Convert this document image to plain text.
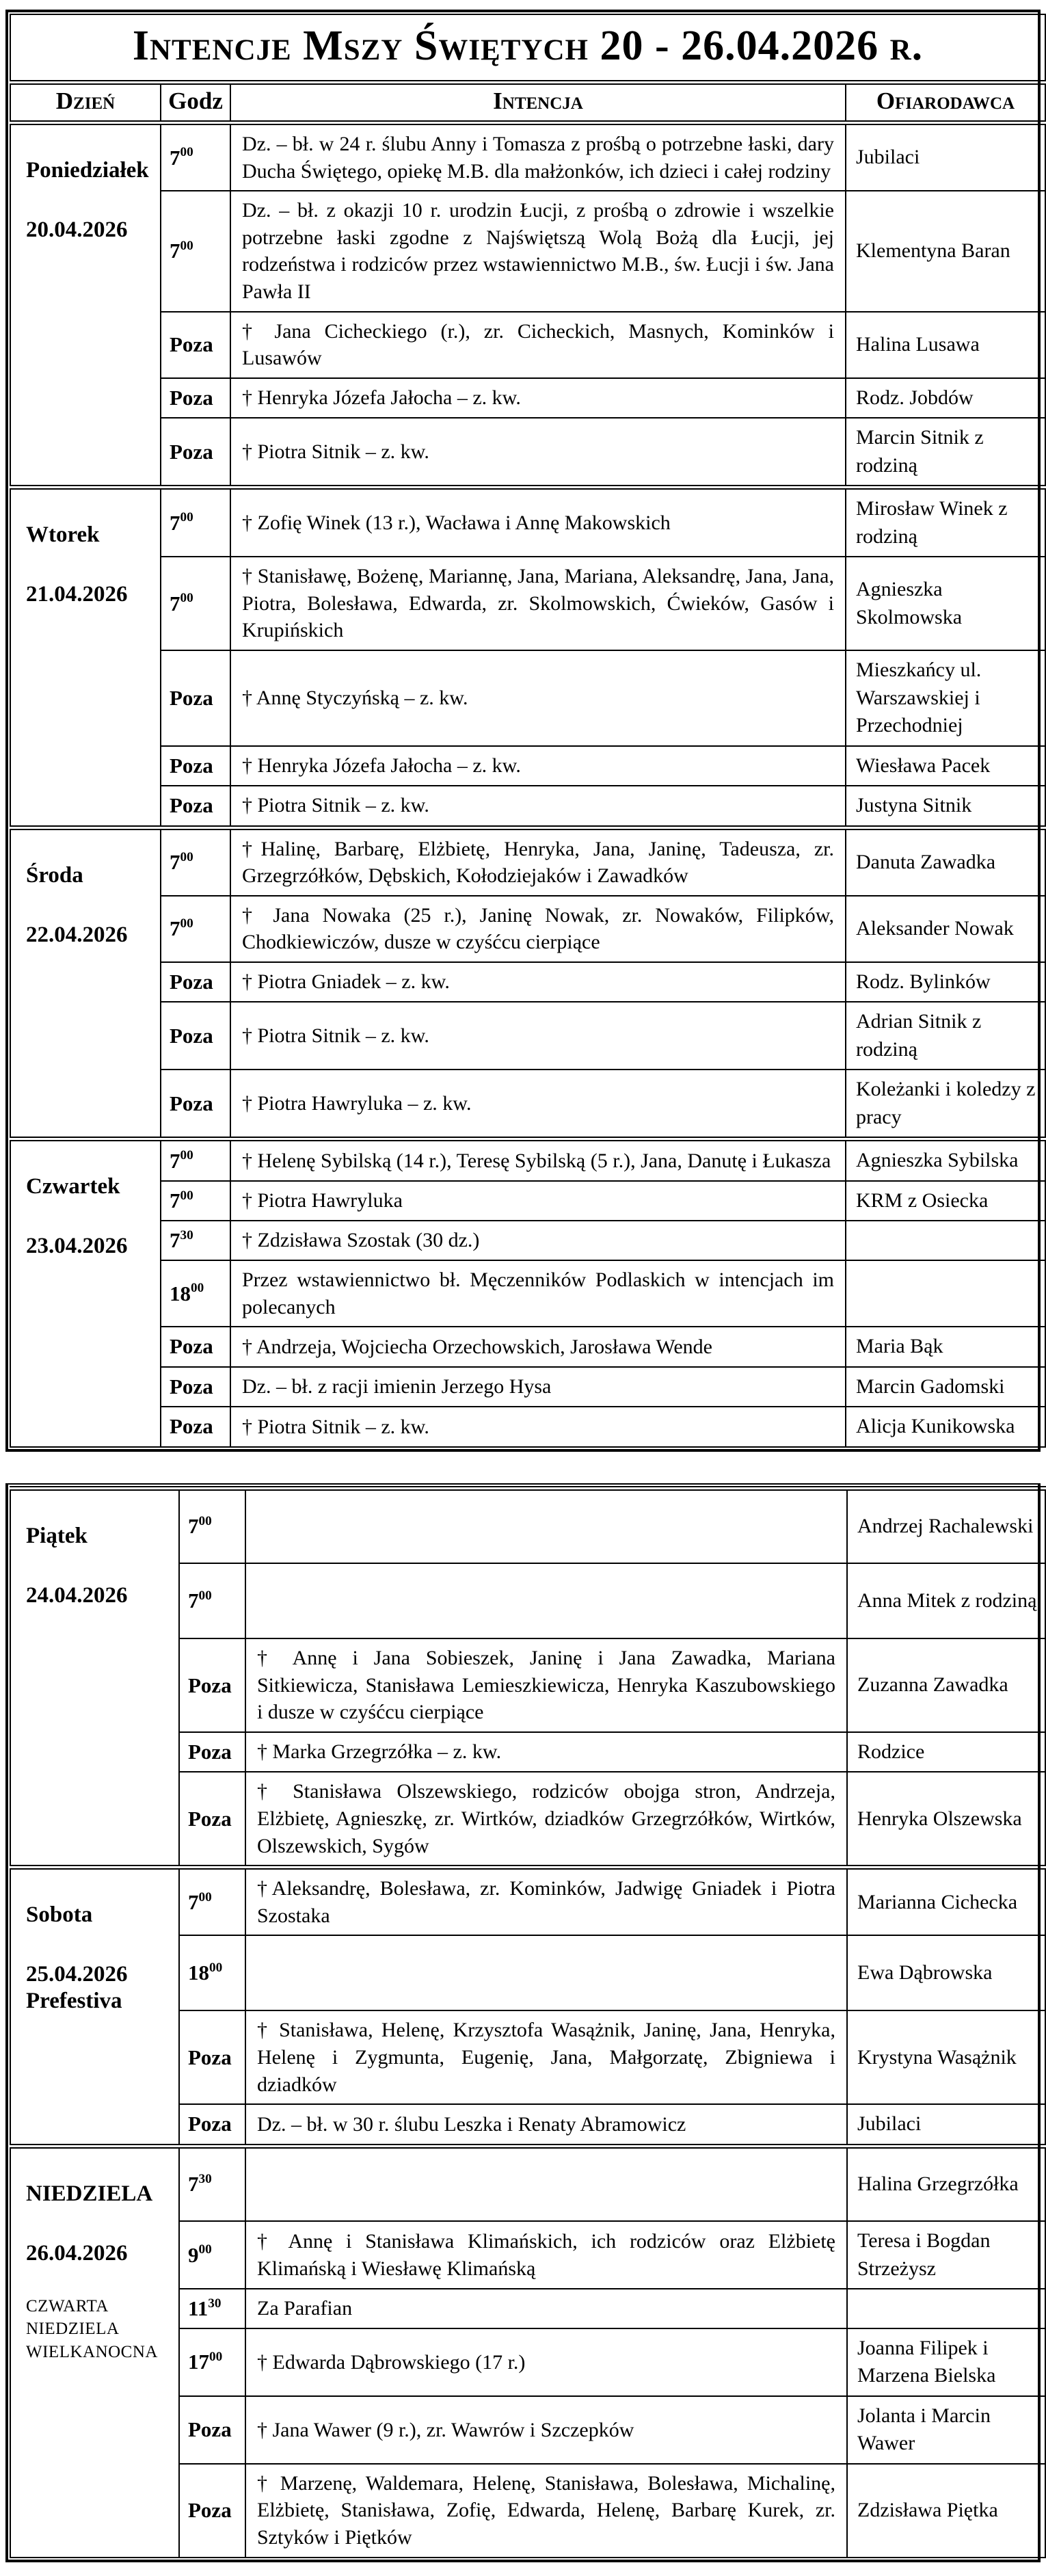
Intencje Mszy Świętych 20 - 26.04.2026 r.			
Dzień	Godz	Intencja	Ofiarodawca

Poniedziałek
20.04.2026	$7^{00}$	Dz. – bł. w 24 r. ślubu Anny i Tomasza z prośbą o potrzebne łaski, dary Ducha Świętego, opiekę M.B. dla małżonków, ich dzieci i całej rodziny	Jubilaci
	$7^{00}$	Dz. – bł. z okazji 10 r. urodzin Łucji, z prośbą o zdrowie i wszelkie potrzebne łaski zgodne z Najświętszą Wolą Bożą dla Łucji, jej rodzeństwa i rodziców przez wstawiennictwo M.B., św. Łucji i św. Jana Pawła II	Klementyna Baran
	Poza	† Jana Cicheckiego (r.), zr. Cicheckich, Masnych, Kominków i Lusawów	Halina Lusawa
	Poza	† Henryka Józefa Jałocha – z. kw.	Rodz. Jobdów
	Poza	† Piotra Sitnik – z. kw.	Marcin Sitnik z rodziną

Wtorek
21.04.2026	$7^{00}$	† Zofię Winek (13 r.), Wacława i Annę Makowskich	Mirosław Winek z rodziną
	$7^{00}$	† Stanisławę, Bożenę, Mariannę, Jana, Mariana, Aleksandrę, Jana, Jana, Piotra, Bolesława, Edwarda, zr. Skolmowskich, Ćwieków, Gasów i Krupińskich	Agnieszka Skolmowska
	Poza	† Annę Styczyńską – z. kw.	Mieszkańcy ul. Warszawskiej i Przechodniej
	Poza	† Henryka Józefa Jałocha – z. kw.	Wiesława Pacek
	Poza	† Piotra Sitnik – z. kw.	Justyna Sitnik

Środa
22.04.2026	$7^{00}$	†Halinę, Barbarę, Elżbietę, Henryka, Jana, Janinę, Tadeusza, zr. Grzegrzółków, Dębskich, Kołodziejaków i Zawadków	Danuta Zawadka
	$7^{00}$	† Jana Nowaka (25 r.), Janinę Nowak, zr. Nowaków, Filipków, Chodkiewiczów, dusze w czyśćcu cierpiące	Aleksander Nowak
	Poza	† Piotra Gniadek – z. kw.	Rodz. Bylinków
	Poza	† Piotra Sitnik – z. kw.	Adrian Sitnik z rodziną
	Poza	† Piotra Hawryluka – z. kw.	Koleżanki i koledzy z pracy

Czwartek
23.04.2026	$7^{00}$	† Helenę Sybilską (14 r.), Teresę Sybilską (5 r.), Jana, Danutę i Łukasza	Agnieszka Sybilska
	$7^{00}$	† Piotra Hawryluka	KRM z Osiecka
	$7^{30}$	† Zdzisława Szostak (30 dz.)	
	$18^{00}$	Przez wstawiennictwo bł. Męczenników Podlaskich w intencjach im polecanych	
	Poza	† Andrzeja, Wojciecha Orzechowskich, Jarosława Wende	Maria Bąk
	Poza	Dz. – bł. z racji imienin Jerzego Hysa	Marcin Gadomski
	Poza	† Piotra Sitnik – z. kw.	Alicja Kunikowska
Piątek
24.04.2026	$7^{00}$		Andrzej Rachalewski
	$7^{00}$		Anna Mitek z rodziną
	Poza	† Annę i Jana Sobieszek, Janinę i Jana Zawadka, Mariana Sitkiewicza, Stanisława Lemieszkiewicza, Henryka Kaszubowskiego i dusze w czyśćcu cierpiące	Zuzanna Zawadka
	Poza	† Marka Grzegrzółka – z. kw.	Rodzice
	Poza	† Stanisława Olszewskiego, rodziców obojga stron, Andrzeja, Elżbietę, Agnieszkę, zr. Wirtków, dziadków Grzegrzółków, Wirtków, Olszewskich, Sygów	Henryka Olszewska

Sobota
25.04.2026
Prefestiva	$7^{00}$	†Aleksandrę, Bolesława, zr. Kominków, Jadwigę Gniadek i Piotra Szostaka	Marianna Cichecka
	$18^{00}$		Ewa Dąbrowska
	Poza	† Stanisława, Helenę, Krzysztofa Wasążnik, Janinę, Jana, Henryka, Helenę i Zygmunta, Eugenię, Jana, Małgorzatę, Zbigniewa i dziadków	Krystyna Wasążnik
	Poza	Dz. – bł. w 30 r. ślubu Leszka i Renaty Abramowicz	Jubilaci

NIEDZIELA
26.04.2026
CZWARTA NIEDZIELA WIELKANOCNA	$7^{30}$		Halina Grzegrzółka
	$9^{00}$	† Annę i Stanisława Klimańskich, ich rodziców oraz Elżbietę Klimańską i Wiesławę Klimańską	Teresa i Bogdan Strzeżysz
	$11^{30}$	Za Parafian	
	$17^{00}$	† Edwarda Dąbrowskiego (17 r.)	Joanna Filipek i Marzena Bielska
	Poza	† Jana Wawer (9 r.), zr. Wawrów i Szczepków	Jolanta i Marcin Wawer
	Poza	† Marzenę, Waldemara, Helenę, Stanisława, Bolesława, Michalinę, Elżbietę, Stanisława, Zofię, Edwarda, Helenę, Barbarę Kurek, zr. Sztyków i Piętków	Zdzisława Piętka
